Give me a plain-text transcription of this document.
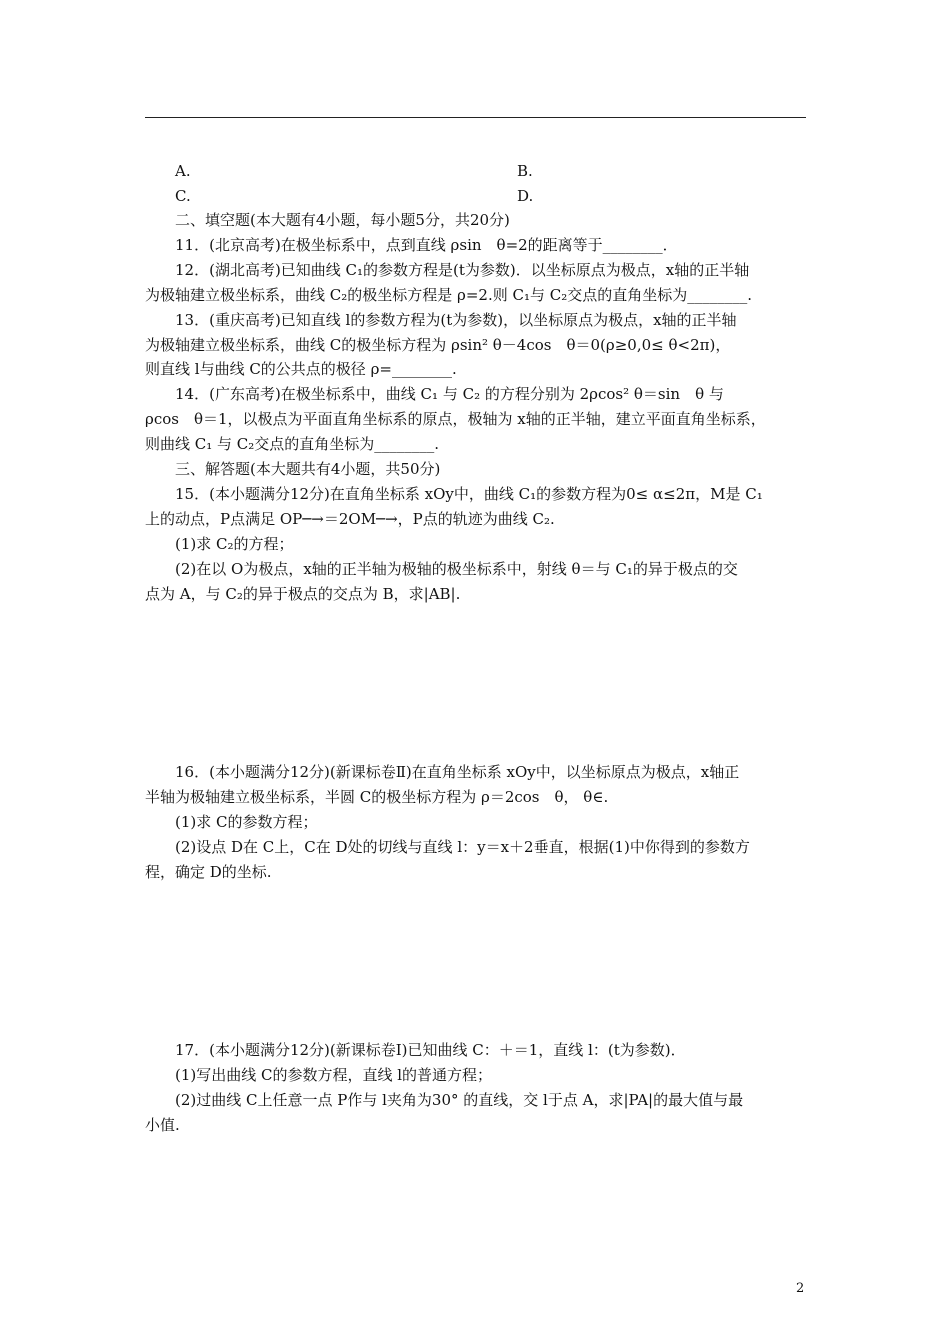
A.	B.
C.	D.
二、填空题(本大题有4小题，每小题5分，共20分)
11．(北京高考)在极坐标系中，点到直线 ρsin　θ=2的距离等于________．
12．(湖北高考)已知曲线 C₁的参数方程是(t为参数)．以坐标原点为极点，x轴的正半轴
为极轴建立极坐标系，曲线 C₂的极坐标方程是 ρ=2.则 C₁与 C₂交点的直角坐标为________.
13．(重庆高考)已知直线 l的参数方程为(t为参数)，以坐标原点为极点，x轴的正半轴
为极轴建立极坐标系，曲线 C的极坐标方程为 ρsin² θ－4cos　θ＝0(ρ≥0,0≤ θ<2π)，
则直线 l与曲线 C的公共点的极径 ρ=________.
14．(广东高考)在极坐标系中，曲线 C₁ 与 C₂ 的方程分别为 2ρcos² θ＝sin　θ 与
ρcos　θ＝1，以极点为平面直角坐标系的原点，极轴为 x轴的正半轴，建立平面直角坐标系，
则曲线 C₁ 与 C₂交点的直角坐标为________.
三、解答题(本大题共有4小题，共50分)
15．(本小题满分12分)在直角坐标系 xOy中，曲线 C₁的参数方程为0≤ α≤2π，M是 C₁
上的动点，P点满足 OP─→＝2OM─→，P点的轨迹为曲线 C₂.
(1)求 C₂的方程；
(2)在以 O为极点，x轴的正半轴为极轴的极坐标系中，射线 θ＝与 C₁的异于极点的交
点为 A，与 C₂的异于极点的交点为 B，求|AB|.
16．(本小题满分12分)(新课标卷Ⅱ)在直角坐标系 xOy中，以坐标原点为极点，x轴正
半轴为极轴建立极坐标系，半圆 C的极坐标方程为 ρ＝2cos　θ， θ∈.
(1)求 C的参数方程；
(2)设点 D在 C上，C在 D处的切线与直线 l：y＝x＋2垂直，根据(1)中你得到的参数方
程，确定 D的坐标.
17．(本小题满分12分)(新课标卷Ⅰ)已知曲线 C：＋＝1，直线 l：(t为参数)．
(1)写出曲线 C的参数方程，直线 l的普通方程；
(2)过曲线 C上任意一点 P作与 l夹角为30° 的直线，交 l于点 A，求|PA|的最大值与最
小值.
2
